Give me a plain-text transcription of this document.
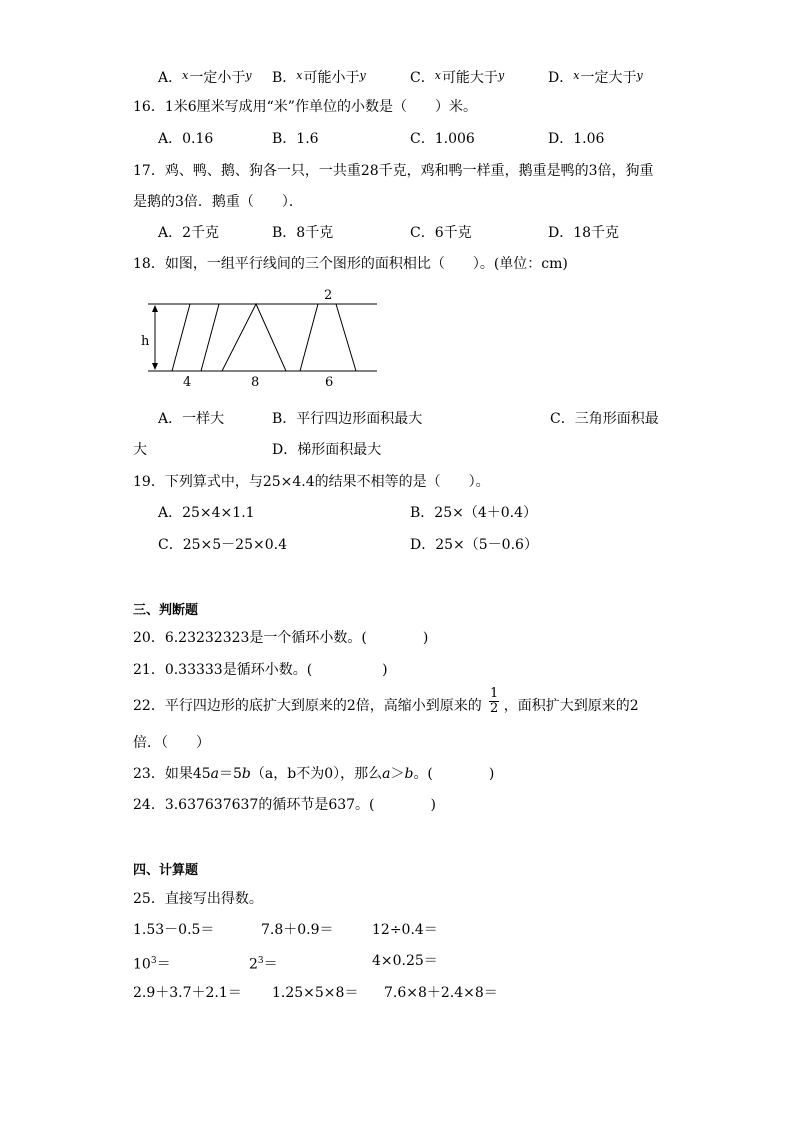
A．$^x$一定小于$^y$ B．$^x$可能小于$^y$	C．$^x$可能大于$^y$	D．$^x$一定大于$^y$
16．1米6厘米写成用“米”作单位的小数是（　　）米。
A．0.16	B．1.6	C．1.006	D．1.06
17．鸡、鸭、鹅、狗各一只，一共重28千克，鸡和鸭一样重，鹅重是鸭的3倍，狗重
是鹅的3倍．鹅重（　　）．
A．2千克	B．8千克	C．6千克	D．18千克
18．如图，一组平行线间的三个图形的面积相比（　　）。(单位：cm)
h
2
4	8	6
A．一样大	B．平行四边形面积最大	C．三角形面积最
大	D．梯形面积最大
19．下列算式中，与25×4.4的结果不相等的是（　　）。
A．25×4×1.1	B．25×（4＋0.4）
C．25×5－25×0.4	D．25×（5－0.6）
三、判断题
20．6.23232323是一个循环小数。(　　　　)
21．0.33333是循环小数。(　　　　　)
22．平行四边形的底扩大到原来的2倍，高缩小到原来的 ，面积扩大到原来的2
$\frac{1}{2}$
倍．（　　）
23．如果45a＝5b（a，b不为0），那么a＞b。(　　　　)
24．3.637637637的循环节是637。(　　　　)
四、计算题
25．直接写出得数。
1.53－0.5＝	7.8＋0.9＝	12÷0.4＝
$10^3=$	$2^3=$	4×0.25＝
2.9＋3.7＋2.1＝ 1.25×5×8＝ 7.6×8＋2.4×8＝
